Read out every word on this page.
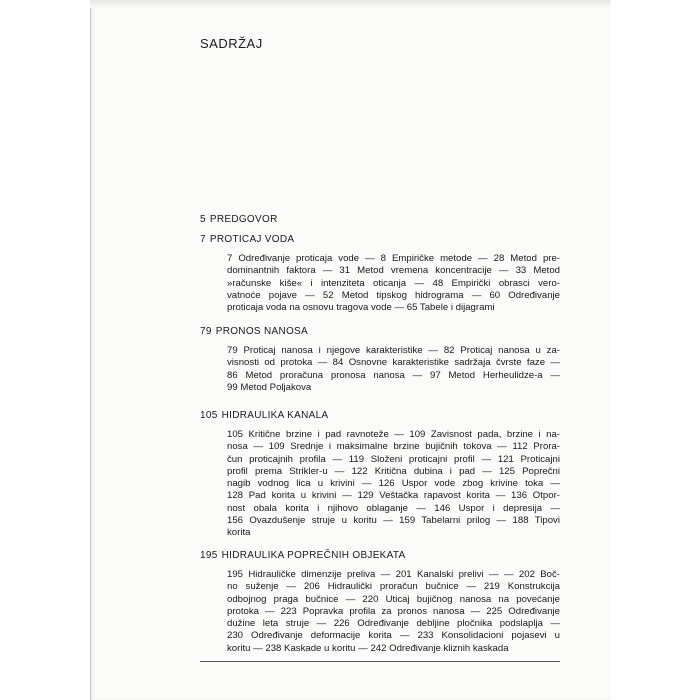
SADRŽAJ
5 PREDGOVOR
7 PROTICAJ VODA
7 Određivanje proticaja vode — 8 Empiričke metode — 28 Metod pre-
dominantnih faktora — 31 Metod vremena koncentracije — 33 Metod
»računske kiše« i intenziteta oticanja — 48 Empirički obrasci vero-
vatnoće pojave — 52 Metod tipskog hidrograma — 60 Određivanje
proticaja voda na osnovu tragova vode — 65 Tabele i dijagrami
79 PRONOS NANOSA
79 Proticaj nanosa i njegove karakteristike — 82 Proticaj nanosa u za-
visnosti od protoka — 84 Osnovne karakteristike sadržaja čvrste faze —
86 Metod proračuna pronosa nanosa — 97 Metod Herheulidze-a —
99 Metod Poljakova
105 HIDRAULIKA KANALA
105 Kritične brzine i pad ravnoteže — 109 Zavisnost pada, brzine i na-
nosa — 109 Srednje i maksimalne brzine bujičnih tokova — 112 Prora-
čun proticajnih profila — 119 Složeni proticajni profil — 121 Proticajni
profil prema Strikler-u — 122 Kritična dubina i pad — 125 Poprečni
nagib vodnog lica u krivini — 126 Uspor vode zbog krivine toka —
128 Pad korita u krivini — 129 Veštačka rapavost korita — 136 Otpor-
nost obala korita i njihovo oblaganje — 146 Uspor i depresija —
156 Ovazdušenje struje u koritu — 159 Tabelarni prilog — 188 Tipovi
korita
195 HIDRAULIKA POPREČNIH OBJEKATA
195 Hidrauličke dimenzije preliva — 201 Kanalski prelivi — — 202 Boč-
no suženje — 206 Hidraulički proračun bučnice — 219 Konstrukcija
odbojnog praga bučnice — 220 Uticaj bujičnog nanosa na povećanje
protoka — 223 Popravka profila za pronos nanosa — 225 Određivanje
dužine leta struje — 226 Određivanje debljine pločnika podslaplja —
230 Određivanje deformacije korita — 233 Konsolidacioni pojasevi u
koritu — 238 Kaskade u koritu — 242 Određivanje kliznih kaskada
